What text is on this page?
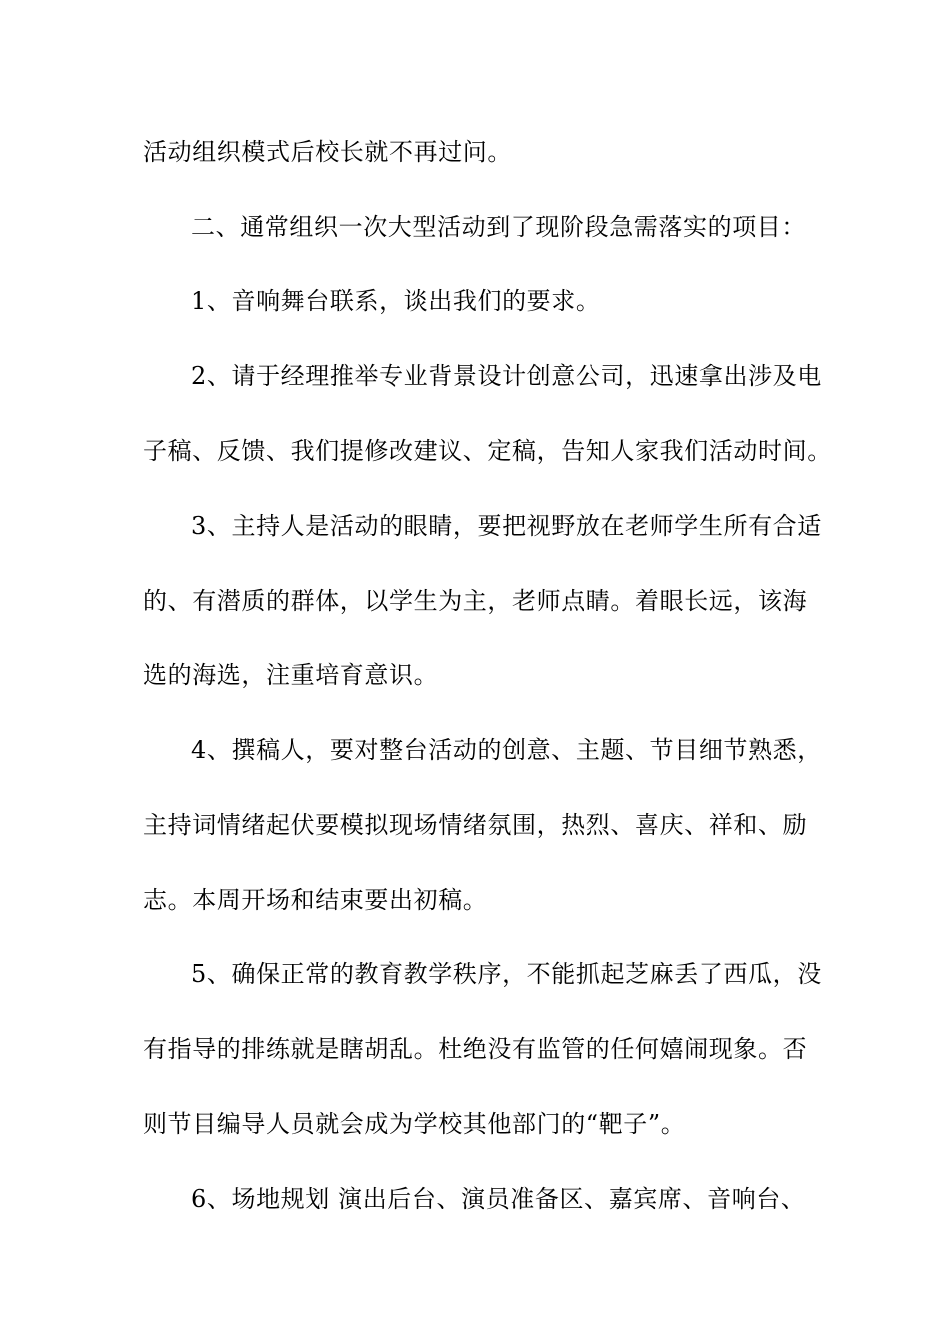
活动组织模式后校长就不再过问。
二、通常组织一次大型活动到了现阶段急需落实的项目：
1、音响舞台联系，谈出我们的要求。
2、请于经理推举专业背景设计创意公司，迅速拿出涉及电
子稿、反馈、我们提修改建议、定稿，告知人家我们活动时间。
3、主持人是活动的眼睛，要把视野放在老师学生所有合适
的、有潜质的群体，以学生为主，老师点睛。着眼长远，该海
选的海选，注重培育意识。
4、撰稿人，要对整台活动的创意、主题、节目细节熟悉，
主持词情绪起伏要模拟现场情绪氛围，热烈、喜庆、祥和、励
志。本周开场和结束要出初稿。
5、确保正常的教育教学秩序，不能抓起芝麻丢了西瓜，没
有指导的排练就是瞎胡乱。杜绝没有监管的任何嬉闹现象。否
则节目编导人员就会成为学校其他部门的“靶子”。
6、场地规划 演出后台、演员准备区、嘉宾席、音响台、
